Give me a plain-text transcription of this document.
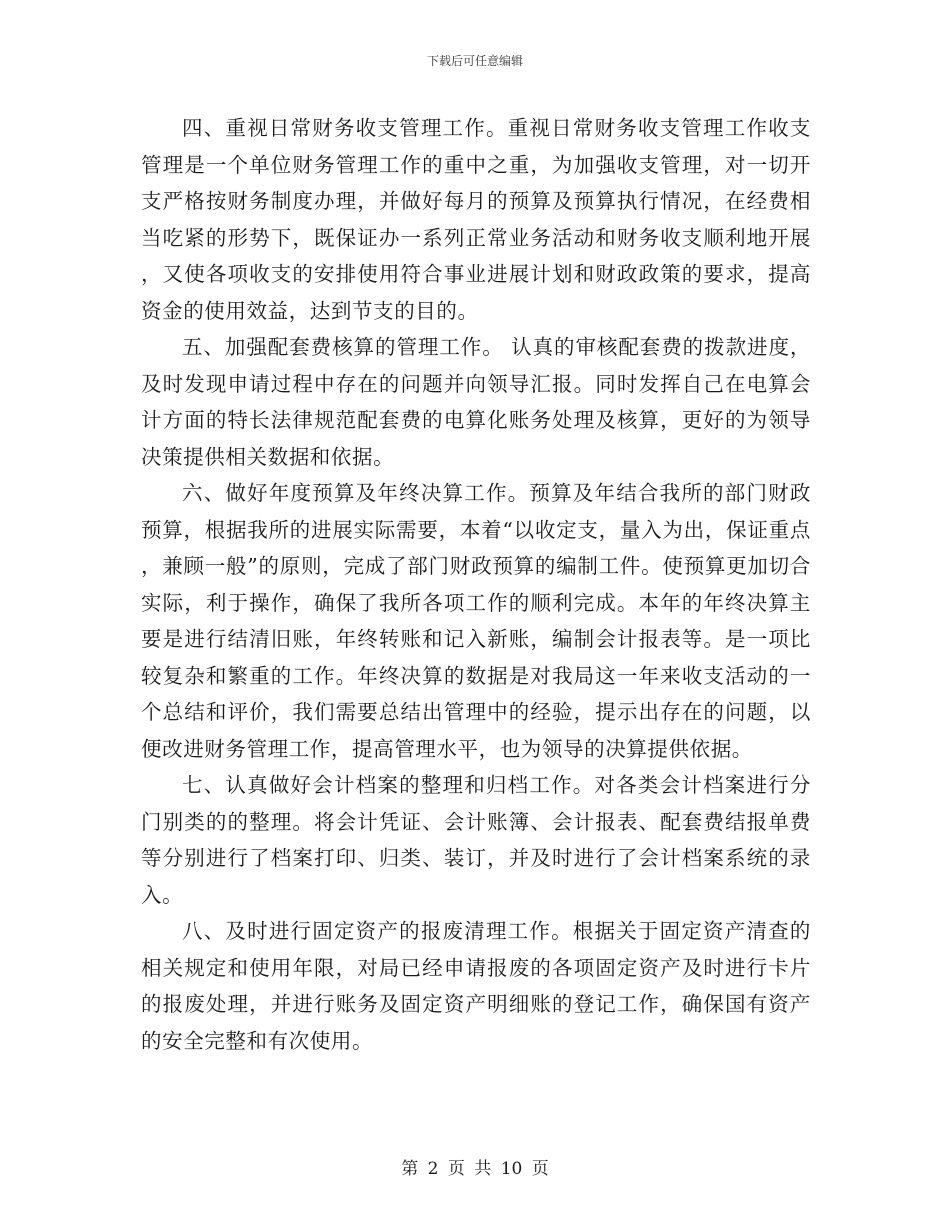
下载后可任意编辑

四、重视日常财务收支管理工作。重视日常财务收支管理工作收支管理是一个单位财务管理工作的重中之重，为加强收支管理，对一切开支严格按财务制度办理，并做好每月的预算及预算执行情况，在经费相当吃紧的形势下，既保证办一系列正常业务活动和财务收支顺利地开展，又使各项收支的安排使用符合事业进展计划和财政政策的要求，提高资金的使用效益，达到节支的目的。

五、加强配套费核算的管理工作。 认真的审核配套费的拨款进度，及时发现申请过程中存在的问题并向领导汇报。同时发挥自己在电算会计方面的特长法律规范配套费的电算化账务处理及核算，更好的为领导决策提供相关数据和依据。

六、做好年度预算及年终决算工作。预算及年结合我所的部门财政预算，根据我所的进展实际需要，本着“以收定支，量入为出，保证重点，兼顾一般”的原则，完成了部门财政预算的编制工件。使预算更加切合实际，利于操作，确保了我所各项工作的顺利完成。本年的年终决算主要是进行结清旧账，年终转账和记入新账，编制会计报表等。是一项比较复杂和繁重的工作。年终决算的数据是对我局这一年来收支活动的一个总结和评价，我们需要总结出管理中的经验，提示出存在的问题，以便改进财务管理工作，提高管理水平，也为领导的决算提供依据。

七、认真做好会计档案的整理和归档工作。对各类会计档案进行分门别类的的整理。将会计凭证、会计账簿、会计报表、配套费结报单费等分别进行了档案打印、归类、装订，并及时进行了会计档案系统的录入。

八、及时进行固定资产的报废清理工作。根据关于固定资产清查的相关规定和使用年限，对局已经申请报废的各项固定资产及时进行卡片的报废处理，并进行账务及固定资产明细账的登记工作，确保国有资产的安全完整和有次使用。

第 2 页 共 10 页
